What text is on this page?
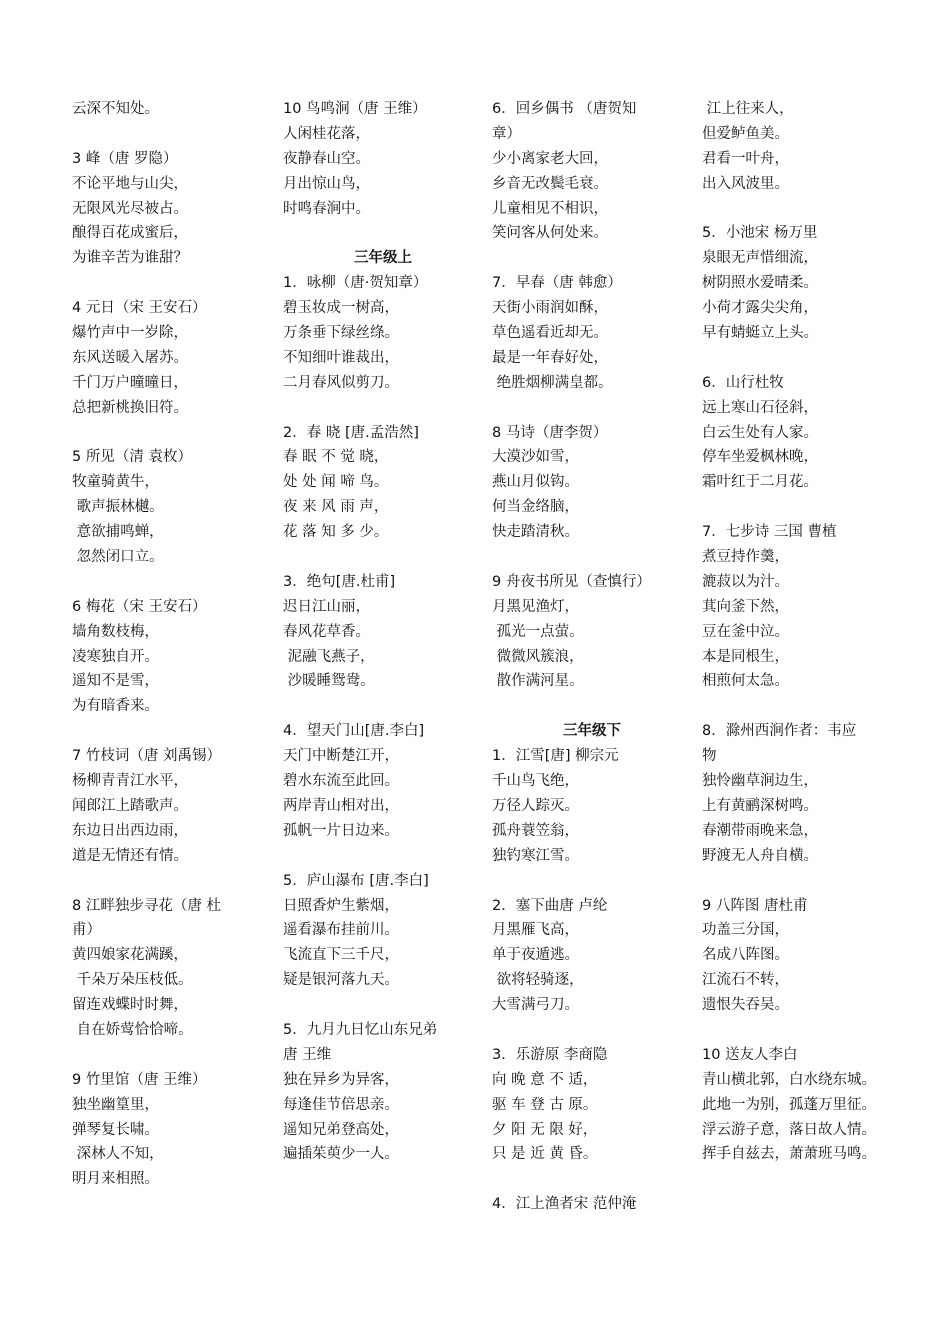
云深不知处。
3 峰（唐 罗隐）
不论平地与山尖，
无限风光尽被占。
酿得百花成蜜后，
为谁辛苦为谁甜？
4 元日（宋 王安石）
爆竹声中一岁除，
东风送暖入屠苏。
千门万户曈曈日，
总把新桃换旧符。
5 所见（清 袁枚）
牧童骑黄牛，
歌声振林樾。
意欲捕鸣蝉，
忽然闭口立。
6 梅花（宋 王安石）
墙角数枝梅，
凌寒独自开。
遥知不是雪，
为有暗香来。
7 竹枝词（唐 刘禹锡）
杨柳青青江水平，
闻郎江上踏歌声。
东边日出西边雨，
道是无情还有情。
8 江畔独步寻花（唐 杜
甫）
黄四娘家花满蹊，
千朵万朵压枝低。
留连戏蝶时时舞，
自在娇莺恰恰啼。
9 竹里馆（唐 王维）
独坐幽篁里，
弹琴复长啸。
深林人不知，
明月来相照。
10 鸟鸣涧（唐 王维）
人闲桂花落，
夜静春山空。
月出惊山鸟，
时鸣春涧中。
三年级上
1．咏柳（唐·贺知章）
碧玉妆成一树高，
万条垂下绿丝绦。
不知细叶谁裁出，
二月春风似剪刀。
2．春 晓 [唐.孟浩然]
春 眠 不 觉 晓，
处 处 闻 啼 鸟。
夜 来 风 雨 声，
花 落 知 多 少。
3．绝句[唐.杜甫]
迟日江山丽，
春风花草香。
泥融飞燕子，
沙暖睡鸳鸯。
4．望天门山[唐.李白]
天门中断楚江开，
碧水东流至此回。
两岸青山相对出，
孤帆一片日边来。
5．庐山瀑布 [唐.李白]
日照香炉生紫烟，
遥看瀑布挂前川。
飞流直下三千尺，
疑是银河落九天。
5．九月九日忆山东兄弟
唐 王维
独在异乡为异客，
每逢佳节倍思亲。
遥知兄弟登高处，
遍插茱萸少一人。
6．回乡偶书 （唐贺知
章）
少小离家老大回，
乡音无改鬓毛衰。
儿童相见不相识，
笑问客从何处来。
7．早春（唐 韩愈）
天街小雨润如酥，
草色遥看近却无。
最是一年春好处，
绝胜烟柳满皇都。
8 马诗（唐李贺）
大漠沙如雪，
燕山月似钩。
何当金络脑，
快走踏清秋。
9 舟夜书所见（查慎行）
月黑见渔灯，
孤光一点萤。
微微风簇浪，
散作满河星。
三年级下
1．江雪[唐] 柳宗元
千山鸟飞绝，
万径人踪灭。
孤舟蓑笠翁，
独钓寒江雪。
2．塞下曲唐 卢纶
月黑雁飞高，
单于夜遁逃。
欲将轻骑逐，
大雪满弓刀。
3．乐游原 李商隐
向 晚 意 不 适，
驱 车 登 古 原。
夕 阳 无 限 好，
只 是 近 黄 昏。
4．江上渔者宋 范仲淹
江上往来人，
但爱鲈鱼美。
君看一叶舟，
出入风波里。
5．小池宋 杨万里
泉眼无声惜细流，
树阴照水爱晴柔。
小荷才露尖尖角，
早有蜻蜓立上头。
6．山行杜牧
远上寒山石径斜，
白云生处有人家。
停车坐爱枫林晚，
霜叶红于二月花。
7．七步诗 三国 曹植
煮豆持作羹，
漉菽以为汁。
萁向釜下然，
豆在釜中泣。
本是同根生，
相煎何太急。
8．滁州西涧作者：韦应
物
独怜幽草涧边生，
上有黄鹂深树鸣。
春潮带雨晚来急，
野渡无人舟自横。
9 八阵图 唐杜甫
功盖三分国，
名成八阵图。
江流石不转，
遗恨失吞吴。
10 送友人李白
青山横北郭，白水绕东城。
此地一为别，孤蓬万里征。
浮云游子意，落日故人情。
挥手自兹去，萧萧班马鸣。
